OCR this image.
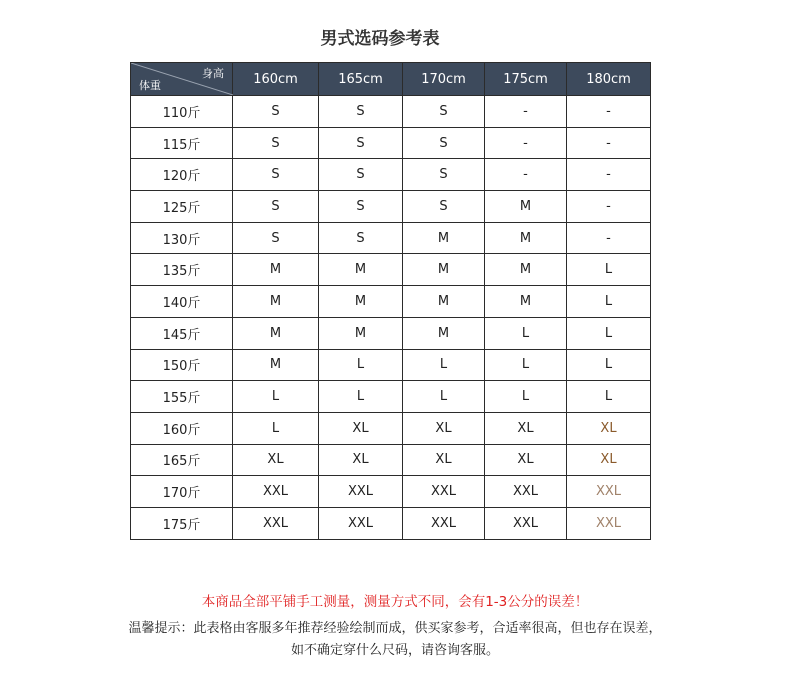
男式选码参考表
身高
体重	160cm	165cm	170cm	175cm	180cm
110斤	S	S	S	-	-
115斤	S	S	S	-	-
120斤	S	S	S	-	-
125斤	S	S	S	M	-
130斤	S	S	M	M	-
135斤	M	M	M	M	L
140斤	M	M	M	M	L
145斤	M	M	M	L	L
150斤	M	L	L	L	L
155斤	L	L	L	L	L
160斤	L	XL	XL	XL	XL
165斤	XL	XL	XL	XL	XL
170斤	XXL	XXL	XXL	XXL	XXL
175斤	XXL	XXL	XXL	XXL	XXL
本商品全部平铺手工测量，测量方式不同，会有1-3公分的误差！
温馨提示：此表格由客服多年推荐经验绘制而成，供买家参考，合适率很高，但也存在误差，
如不确定穿什么尺码，请咨询客服。
